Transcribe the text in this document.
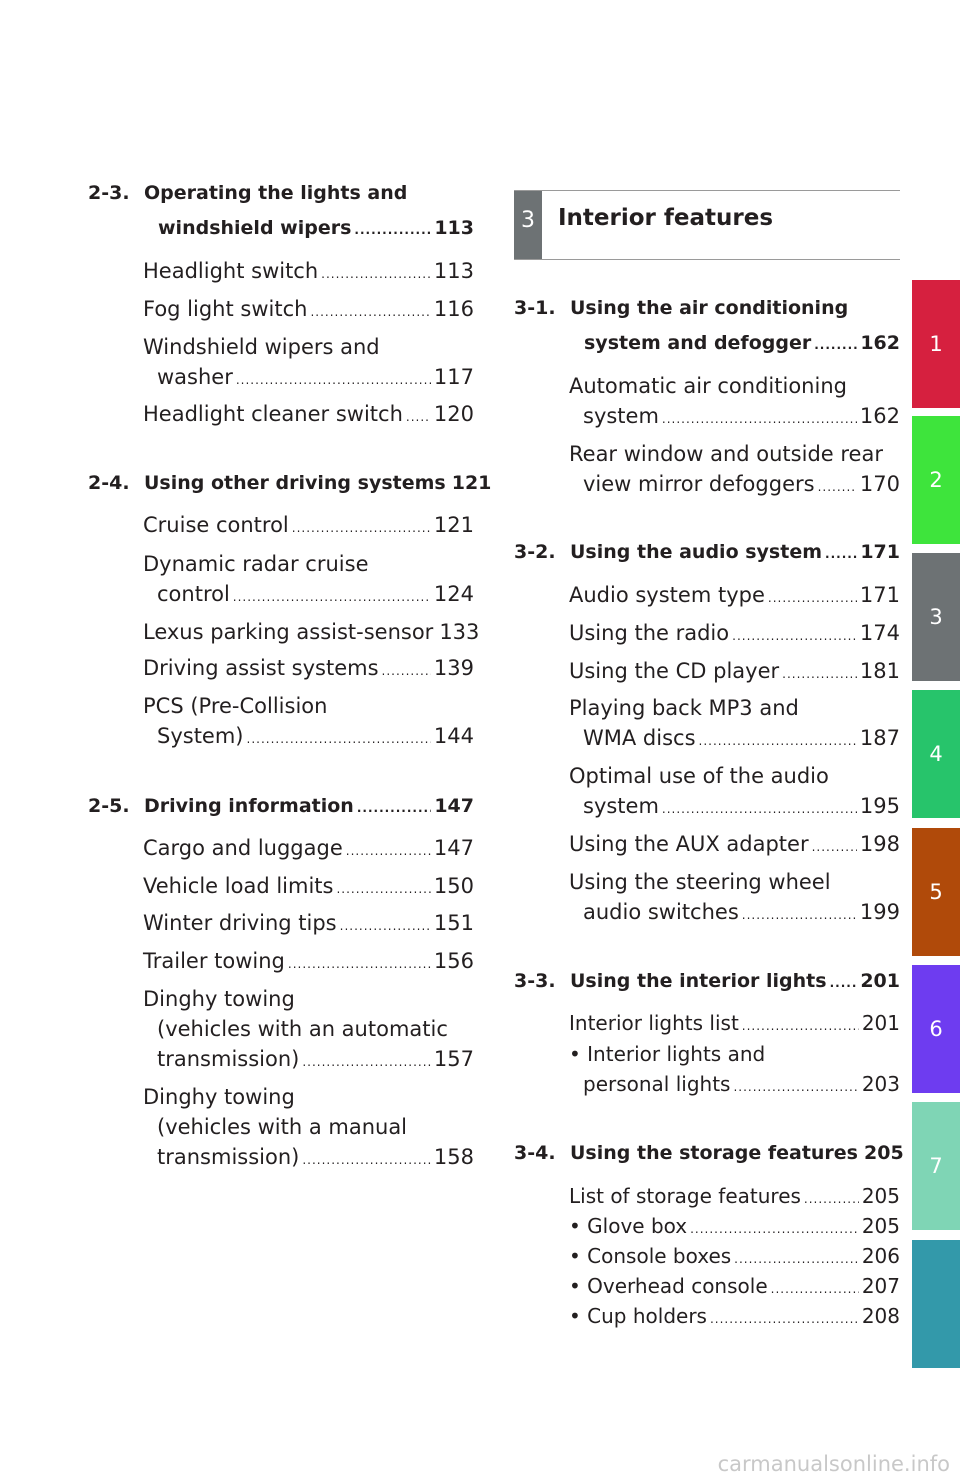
2-3. Operating the lights and
windshield wipers .....	113
Headlight switch .....	113
Fog light switch .....	116
Windshield wipers and
washer .....	117
Headlight cleaner switch ..... 120
2-4. Using other driving systems 121
Cruise control .....	121
Dynamic radar cruise
control .....	124
Lexus parking assist-sensor 133
Driving assist systems .....	139
PCS (Pre-Collision
System) .....	144
2-5. Driving information .....	147
Cargo and luggage .....	147
Vehicle load limits .....	150
Winter driving tips .....	151
Trailer towing .....	156
Dinghy towing
(vehicles with an automatic
transmission) .....	157
Dinghy towing
(vehicles with a manual
transmission) .....	158
3	Interior features
3-1. Using the air conditioning
system and defogger .....	162
Automatic air conditioning
system .....	162
Rear window and outside rear
view mirror defoggers ..... 170
3-2. Using the audio system ..... 171
Audio system type .....	171
Using the radio .....	174
Using the CD player .....	181
Playing back MP3 and
WMA discs .....	187
Optimal use of the audio
system .....	195
Using the AUX adapter ..... 198
Using the steering wheel
audio switches .....	199
3-3. Using the interior lights ..... 201
Interior lights list .....	201
• Interior lights and
personal lights .....	203
3-4. Using the storage features 205
List of storage features .....	205
• Glove box .....	205
• Console boxes .....	206
• Overhead console .....	207
• Cup holders .....	208
1
2
3
4
5
6
7
carmanualsonline.info
